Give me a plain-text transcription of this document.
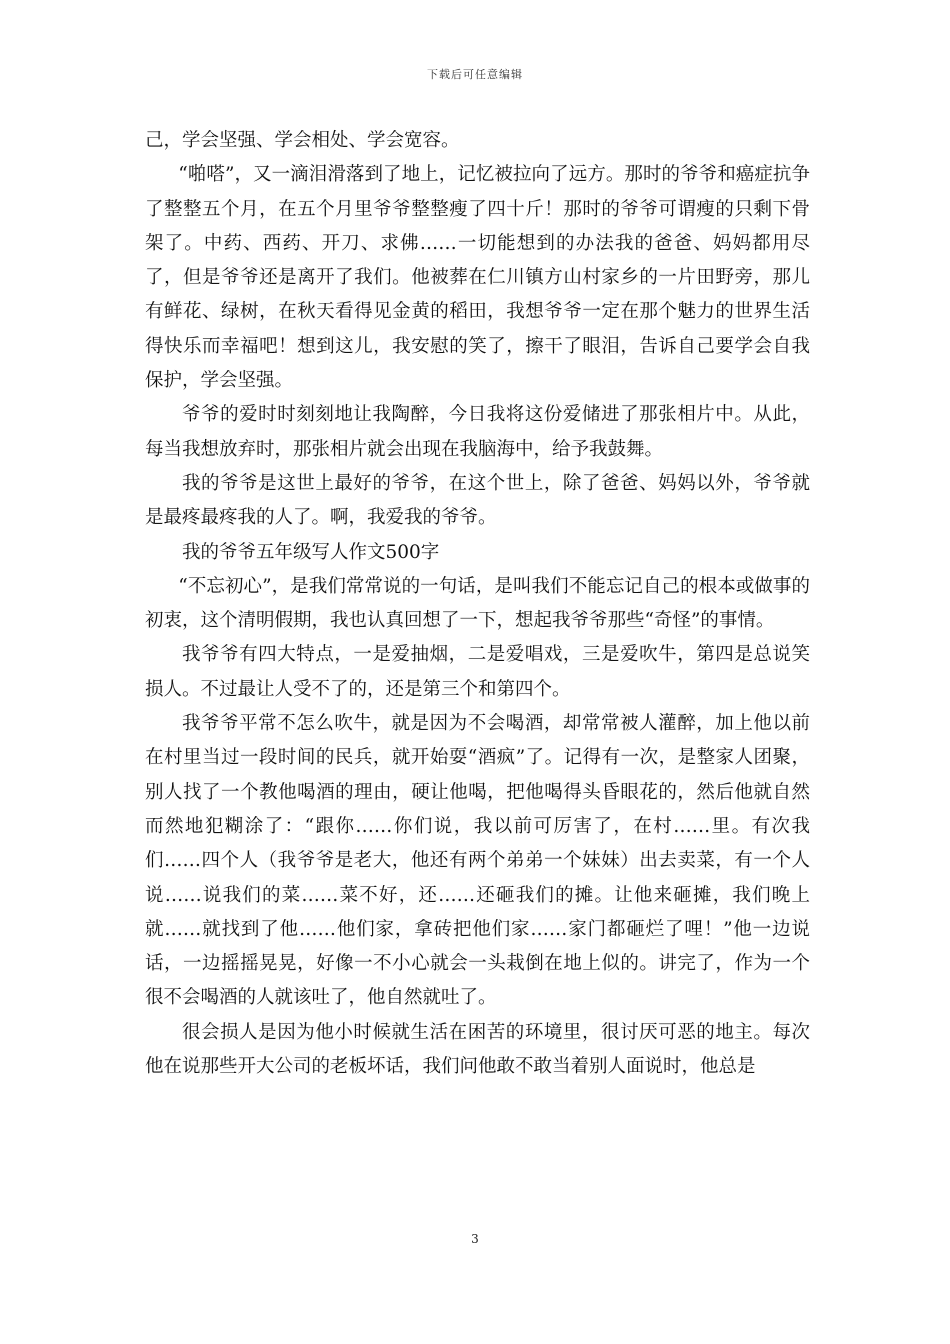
下载后可任意编辑

己，学会坚强、学会相处、学会宽容。

“啪嗒”，又一滴泪滑落到了地上，记忆被拉向了远方。那时的爷爷和癌症抗争了整整五个月，在五个月里爷爷整整瘦了四十斤！那时的爷爷可谓瘦的只剩下骨架了。中药、西药、开刀、求佛……一切能想到的办法我的爸爸、妈妈都用尽了，但是爷爷还是离开了我们。他被葬在仁川镇方山村家乡的一片田野旁，那儿有鲜花、绿树，在秋天看得见金黄的稻田，我想爷爷一定在那个魅力的世界生活得快乐而幸福吧！想到这儿，我安慰的笑了，擦干了眼泪，告诉自己要学会自我保护，学会坚强。

爷爷的爱时时刻刻地让我陶醉，今日我将这份爱储进了那张相片中。从此，每当我想放弃时，那张相片就会出现在我脑海中，给予我鼓舞。

我的爷爷是这世上最好的爷爷，在这个世上，除了爸爸、妈妈以外，爷爷就是最疼最疼我的人了。啊，我爱我的爷爷。

我的爷爷五年级写人作文500字

“不忘初心”，是我们常常说的一句话，是叫我们不能忘记自己的根本或做事的初衷，这个清明假期，我也认真回想了一下，想起我爷爷那些“奇怪”的事情。

我爷爷有四大特点，一是爱抽烟，二是爱唱戏，三是爱吹牛，第四是总说笑损人。不过最让人受不了的，还是第三个和第四个。

我爷爷平常不怎么吹牛，就是因为不会喝酒，却常常被人灌醉，加上他以前在村里当过一段时间的民兵，就开始耍“酒疯”了。记得有一次，是整家人团聚，别人找了一个教他喝酒的理由，硬让他喝，把他喝得头昏眼花的，然后他就自然而然地犯糊涂了：“跟你……你们说，我以前可厉害了，在村……里。有次我们……四个人（我爷爷是老大，他还有两个弟弟一个妹妹）出去卖菜，有一个人说……说我们的菜……菜不好，还……还砸我们的摊。让他来砸摊，我们晚上就……就找到了他……他们家，拿砖把他们家……家门都砸烂了哩！”他一边说话，一边摇摇晃晃，好像一不小心就会一头栽倒在地上似的。讲完了，作为一个很不会喝酒的人就该吐了，他自然就吐了。

很会损人是因为他小时候就生活在困苦的环境里，很讨厌可恶的地主。每次他在说那些开大公司的老板坏话，我们问他敢不敢当着别人面说时，他总是

3
